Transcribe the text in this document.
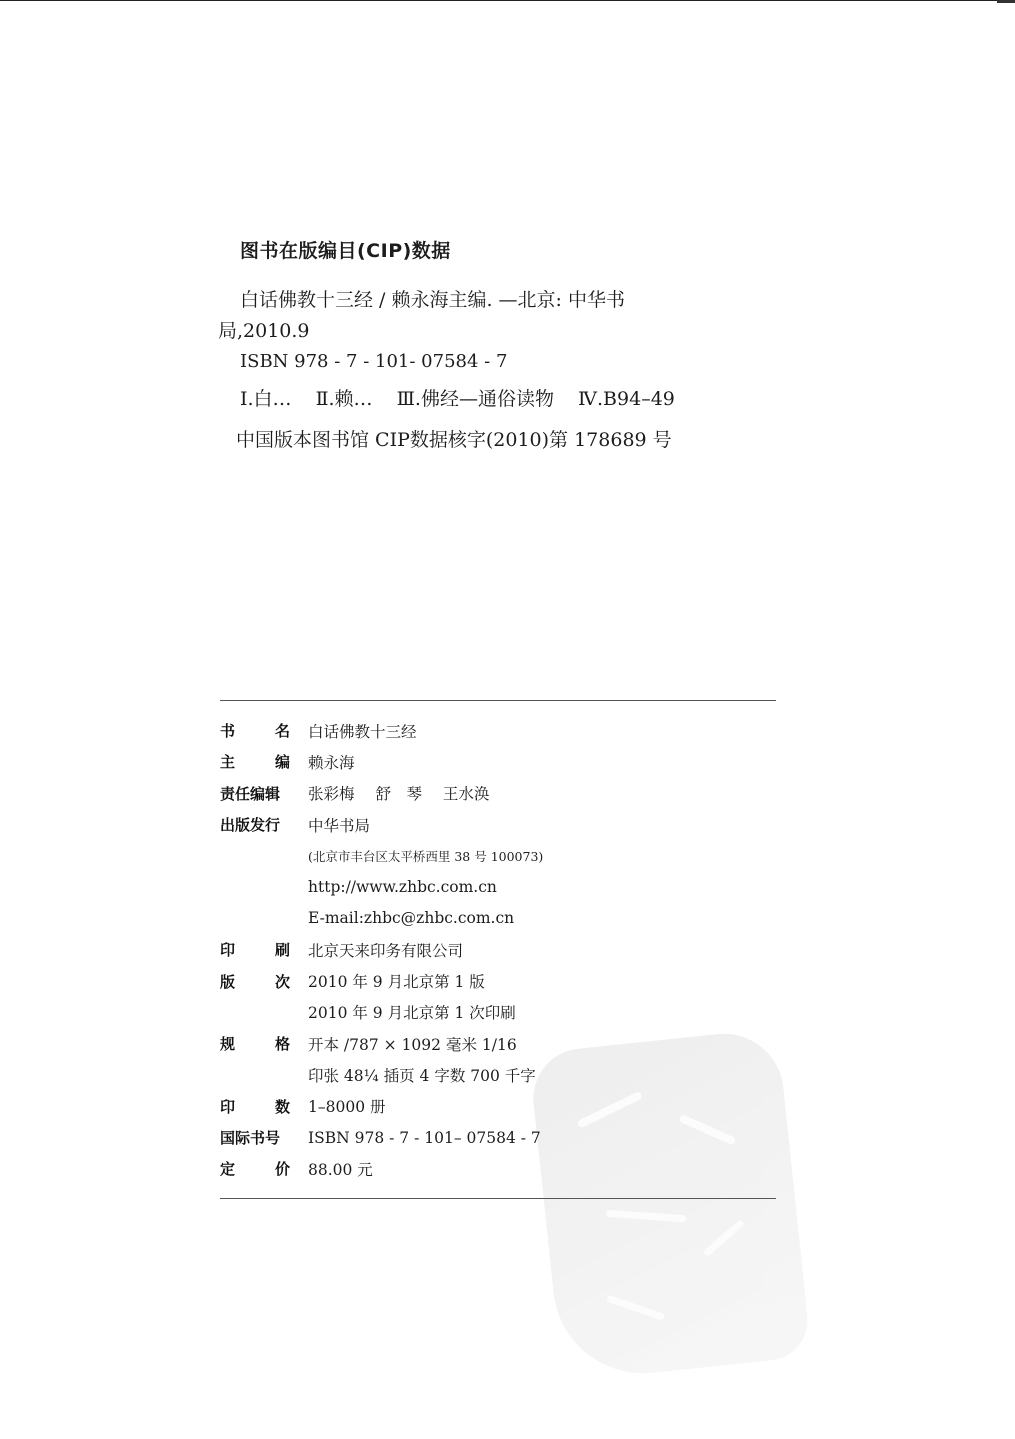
图书在版编目(CIP)数据
白话佛教十三经 / 赖永海主编. —北京: 中华书
局,2010.9
ISBN 978 - 7 - 101- 07584 - 7
Ⅰ.白… Ⅱ.赖… Ⅲ.佛经—通俗读物 Ⅳ.B94–49
中国版本图书馆 CIP数据核字(2010)第 178689 号
书	名 白话佛教十三经
主	编 赖永海
责任编辑	张彩梅 舒　琴 王水涣
出版发行	中华书局
(北京市丰台区太平桥西里 38 号 100073)
http://www.zhbc.com.cn
E-mail:zhbc@zhbc.com.cn
印	刷 北京天来印务有限公司
版	次 2010 年 9 月北京第 1 版
2010 年 9 月北京第 1 次印刷
规	格 开本 /787 × 1092 毫米 1/16
印张 48¼ 插页 4 字数 700 千字
印	数 1–8000 册
国际书号	ISBN 978 - 7 - 101– 07584 - 7
定	价 88.00 元
